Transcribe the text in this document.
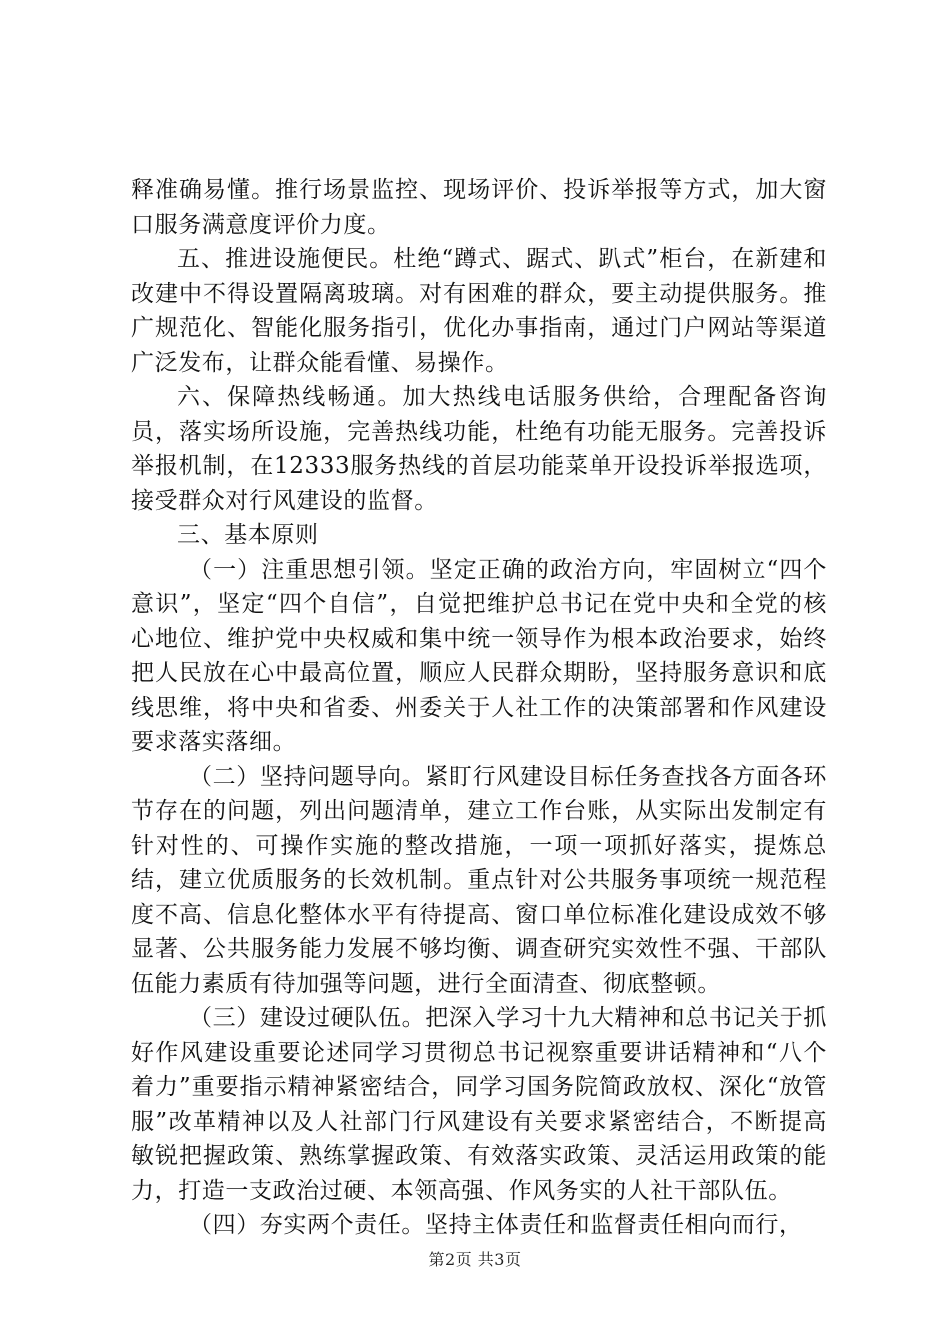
释准确易懂。推行场景监控、现场评价、投诉举报等方式，加大窗口服务满意度评价力度。

五、推进设施便民。杜绝“蹲式、踞式、趴式”柜台，在新建和改建中不得设置隔离玻璃。对有困难的群众，要主动提供服务。推广规范化、智能化服务指引，优化办事指南，通过门户网站等渠道广泛发布，让群众能看懂、易操作。

六、保障热线畅通。加大热线电话服务供给，合理配备咨询员，落实场所设施，完善热线功能，杜绝有功能无服务。完善投诉举报机制，在12333服务热线的首层功能菜单开设投诉举报选项，接受群众对行风建设的监督。

三、基本原则

（一）注重思想引领。坚定正确的政治方向，牢固树立“四个意识”，坚定“四个自信”，自觉把维护总书记在党中央和全党的核心地位、维护党中央权威和集中统一领导作为根本政治要求，始终把人民放在心中最高位置，顺应人民群众期盼，坚持服务意识和底线思维，将中央和省委、州委关于人社工作的决策部署和作风建设要求落实落细。

（二）坚持问题导向。紧盯行风建设目标任务查找各方面各环节存在的问题，列出问题清单，建立工作台账，从实际出发制定有针对性的、可操作实施的整改措施，一项一项抓好落实，提炼总结，建立优质服务的长效机制。重点针对公共服务事项统一规范程度不高、信息化整体水平有待提高、窗口单位标准化建设成效不够显著、公共服务能力发展不够均衡、调查研究实效性不强、干部队伍能力素质有待加强等问题，进行全面清查、彻底整顿。

（三）建设过硬队伍。把深入学习十九大精神和总书记关于抓好作风建设重要论述同学习贯彻总书记视察重要讲话精神和“八个着力”重要指示精神紧密结合，同学习国务院简政放权、深化“放管服”改革精神以及人社部门行风建设有关要求紧密结合，不断提高敏锐把握政策、熟练掌握政策、有效落实政策、灵活运用政策的能力，打造一支政治过硬、本领高强、作风务实的人社干部队伍。

（四）夯实两个责任。坚持主体责任和监督责任相向而行，

第2页 共3页
